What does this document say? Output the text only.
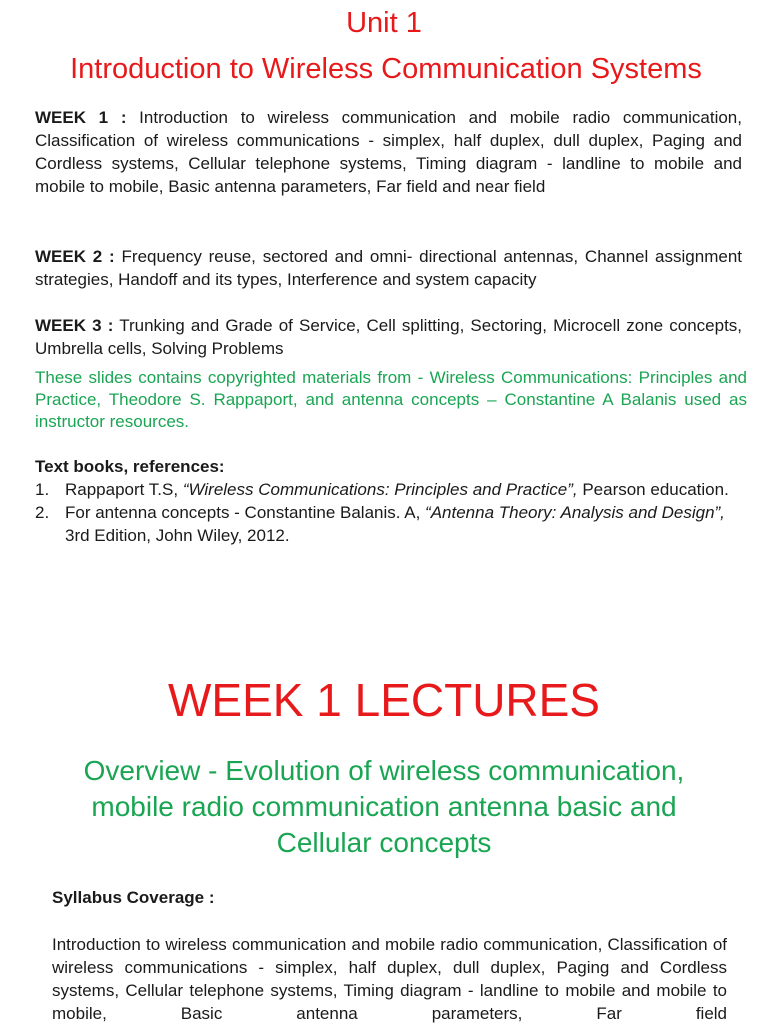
Unit 1
Introduction to Wireless Communication Systems
WEEK 1 : Introduction to wireless communication and mobile radio communication, Classification of wireless communications - simplex, half duplex, dull duplex, Paging and Cordless systems, Cellular telephone systems, Timing diagram - landline to mobile and mobile to mobile, Basic antenna parameters, Far field and near field
WEEK 2 : Frequency reuse, sectored and omni- directional antennas, Channel assignment strategies, Handoff and its types, Interference and system capacity
WEEK 3 : Trunking and Grade of Service, Cell splitting, Sectoring, Microcell zone concepts, Umbrella cells, Solving Problems
These slides contains copyrighted materials from - Wireless Communications: Principles and Practice, Theodore S. Rappaport, and antenna concepts – Constantine A Balanis used as instructor resources.
Text books, references:
1. Rappaport T.S, “Wireless Communications: Principles and Practice”, Pearson education.
2. For antenna concepts - Constantine Balanis. A, “Antenna Theory: Analysis and Design”, 3rd Edition, John Wiley, 2012.
WEEK 1 LECTURES
Overview - Evolution of wireless communication,
mobile radio communication antenna basic and
Cellular concepts
Syllabus Coverage :
Introduction to wireless communication and mobile radio communication, Classification of wireless communications - simplex, half duplex, dull duplex, Paging and Cordless systems, Cellular telephone systems, Timing diagram - landline to mobile and mobile to mobile, Basic antenna parameters, Far field
